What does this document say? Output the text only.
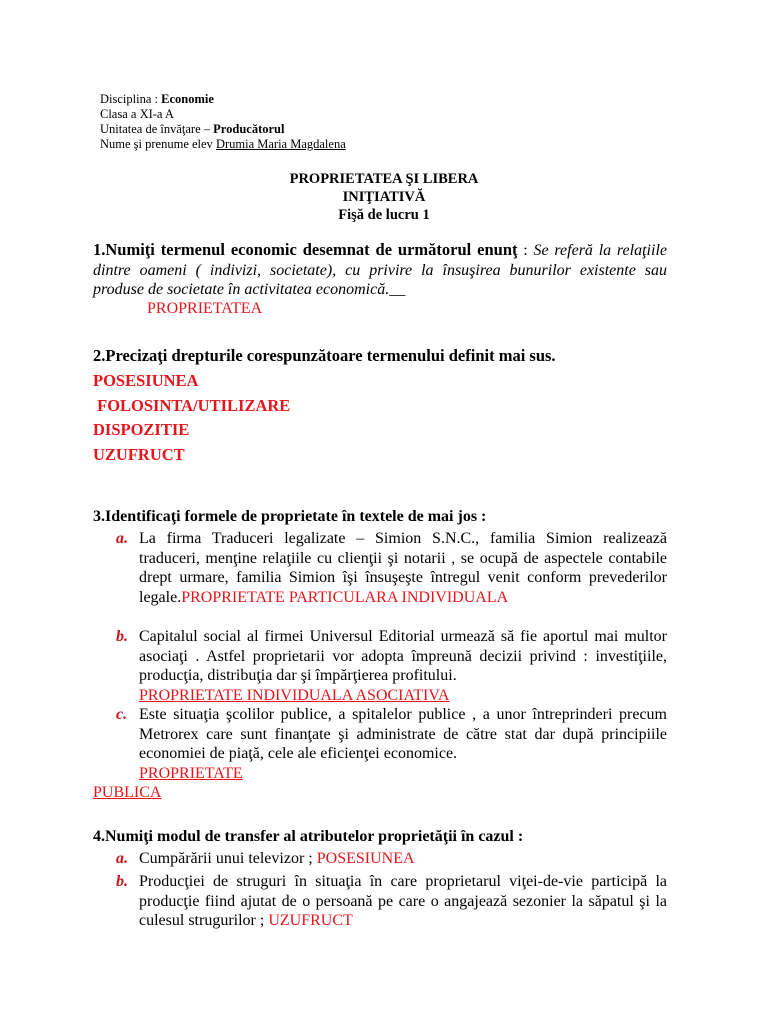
Disciplina : Economie
Clasa a XI-a A
Unitatea de învăţare – Producătorul
Nume şi prenume elev Drumia Maria Magdalena
PROPRIETATEA ŞI LIBERA
INIŢIATIVĂ
Fişă de lucru 1
1.Numiţi termenul economic desemnat de următorul enunţ : Se referă la relaţiile dintre oameni ( indivizi, societate), cu privire la însuşirea bunurilor existente sau produse de societate în activitatea economică.__
PROPRIETATEA
2.Precizaţi drepturile corespunzătoare termenului definit mai sus.
POSESIUNEA
FOLOSINTA/UTILIZARE
DISPOZITIE
UZUFRUCT
3.Identificaţi formele de proprietate în textele de mai jos :
a. La firma Traduceri legalizate – Simion S.N.C., familia Simion realizează traduceri, menţine relaţiile cu clienţii şi notarii , se ocupă de aspectele contabile drept urmare, familia Simion îşi însuşeşte întregul venit conform prevederilor legale.PROPRIETATE PARTICULARA INDIVIDUALA
b. Capitalul social al firmei Universul Editorial urmează să fie aportul mai multor asociaţi . Astfel proprietarii vor adopta împreună decizii privind : investiţiile, producţia, distribuţia dar şi împărţierea profitului.
PROPRIETATE INDIVIDUALA ASOCIATIVA
c. Este situaţia şcolilor publice, a spitalelor publice , a unor întreprinderi precum Metrorex care sunt finanţate şi administrate de către stat dar după principiile economiei de piaţă, cele ale eficienţei economice.
PROPRIETATE
PUBLICA
4.Numiţi modul de transfer al atributelor proprietăţii în cazul :
a. Cumpărării unui televizor ; POSESIUNEA
b. Producţiei de struguri în situaţia în care proprietarul viţei-de-vie participă la producţie fiind ajutat de o persoană pe care o angajează sezonier la săpatul şi la culesul strugurilor ; UZUFRUCT
